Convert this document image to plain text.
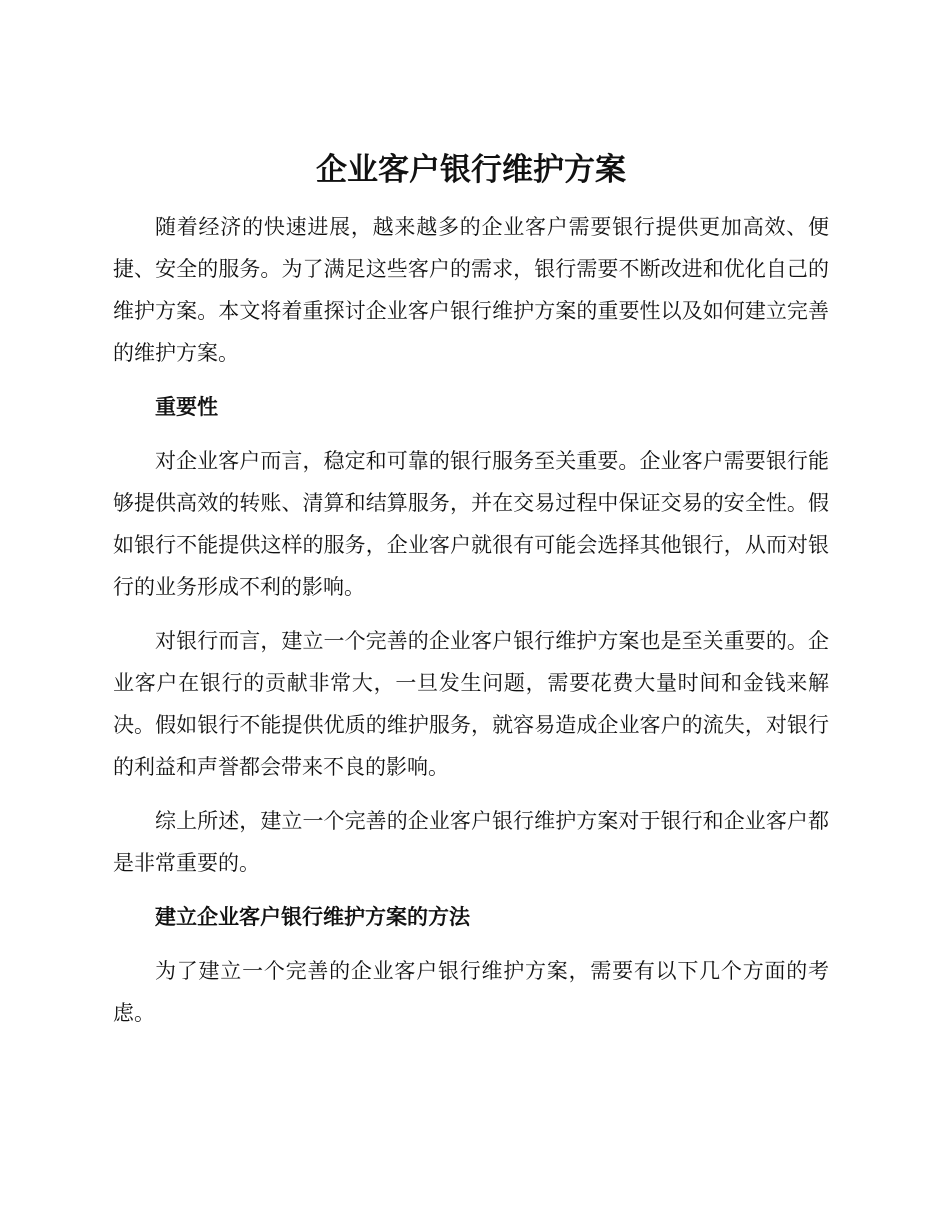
企业客户银行维护方案

随着经济的快速进展，越来越多的企业客户需要银行提供更加高效、便捷、安全的服务。为了满足这些客户的需求，银行需要不断改进和优化自己的维护方案。本文将着重探讨企业客户银行维护方案的重要性以及如何建立完善的维护方案。

重要性

对企业客户而言，稳定和可靠的银行服务至关重要。企业客户需要银行能够提供高效的转账、清算和结算服务，并在交易过程中保证交易的安全性。假如银行不能提供这样的服务，企业客户就很有可能会选择其他银行，从而对银行的业务形成不利的影响。

对银行而言，建立一个完善的企业客户银行维护方案也是至关重要的。企业客户在银行的贡献非常大，一旦发生问题，需要花费大量时间和金钱来解决。假如银行不能提供优质的维护服务，就容易造成企业客户的流失，对银行的利益和声誉都会带来不良的影响。

综上所述，建立一个完善的企业客户银行维护方案对于银行和企业客户都是非常重要的。

建立企业客户银行维护方案的方法

为了建立一个完善的企业客户银行维护方案，需要有以下几个方面的考虑。
